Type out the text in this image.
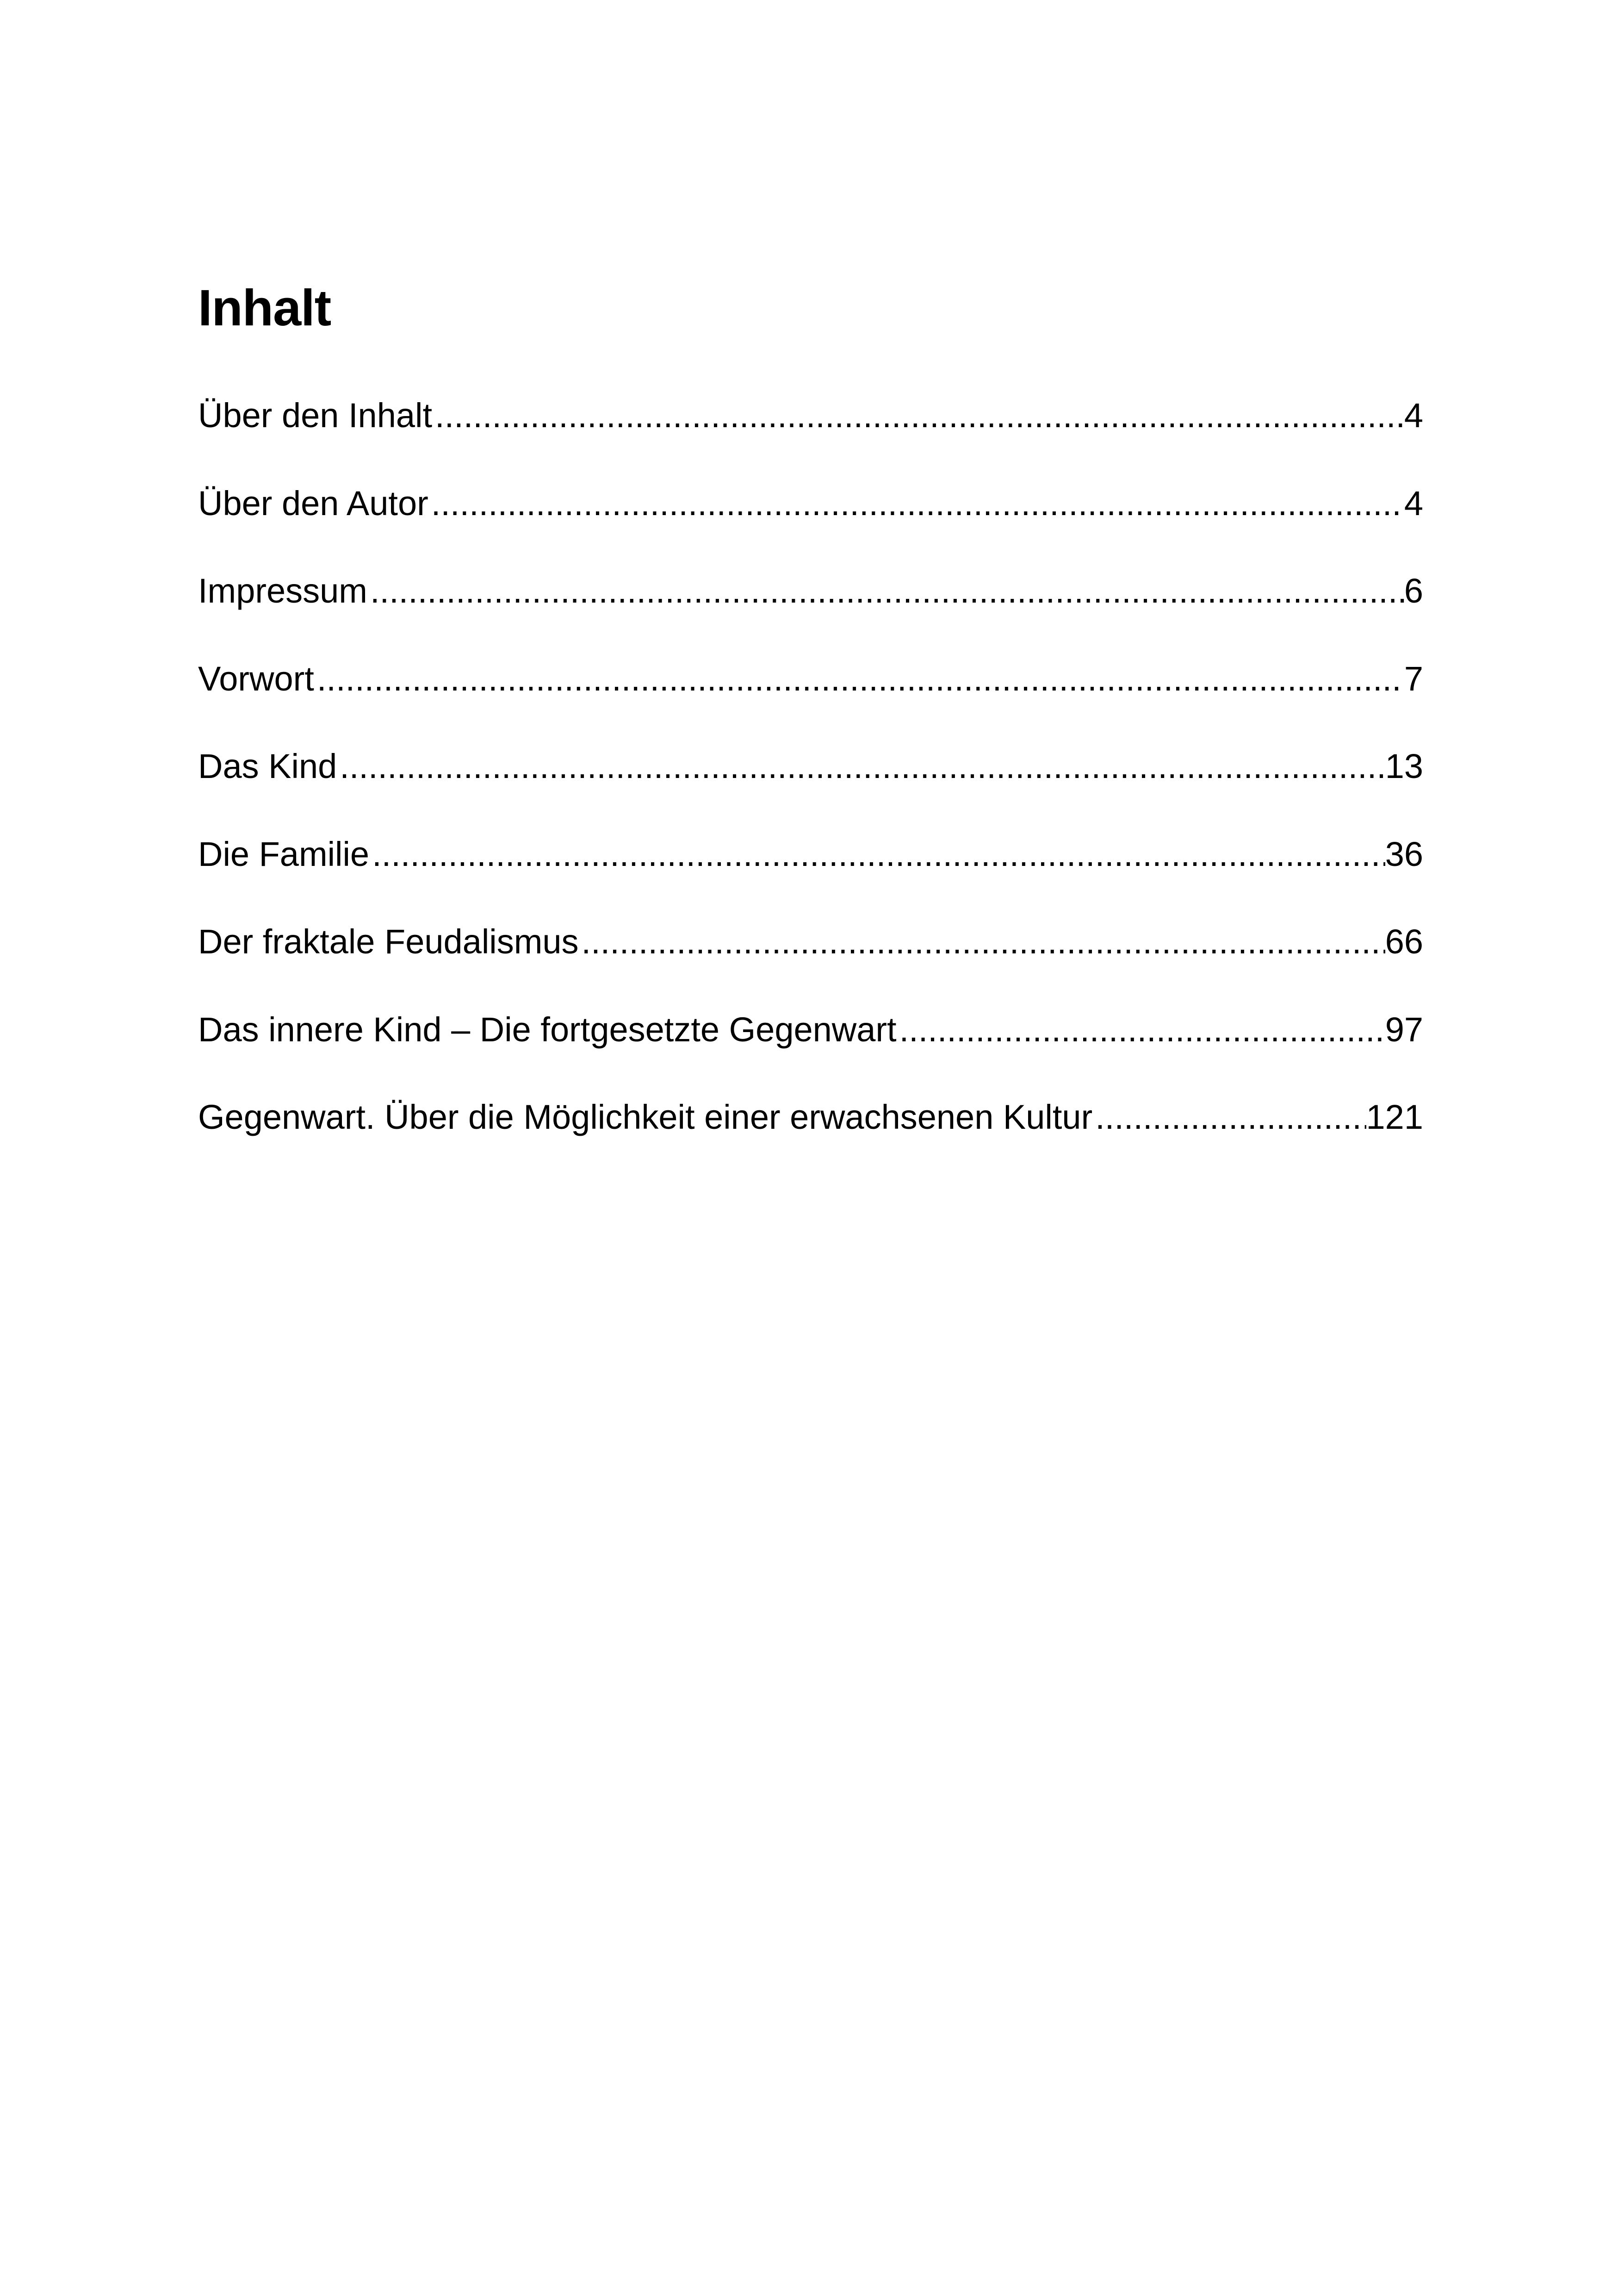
Inhalt
Über den Inhalt .....	4
Über den Autor .....	4
Impressum .....	6
Vorwort .....	7
Das Kind .....	13
Die Familie .....	36
Der fraktale Feudalismus .....	66
Das innere Kind – Die fortgesetzte Gegenwart .....	97
Gegenwart. Über die Möglichkeit einer erwachsenen Kultur .....	121
